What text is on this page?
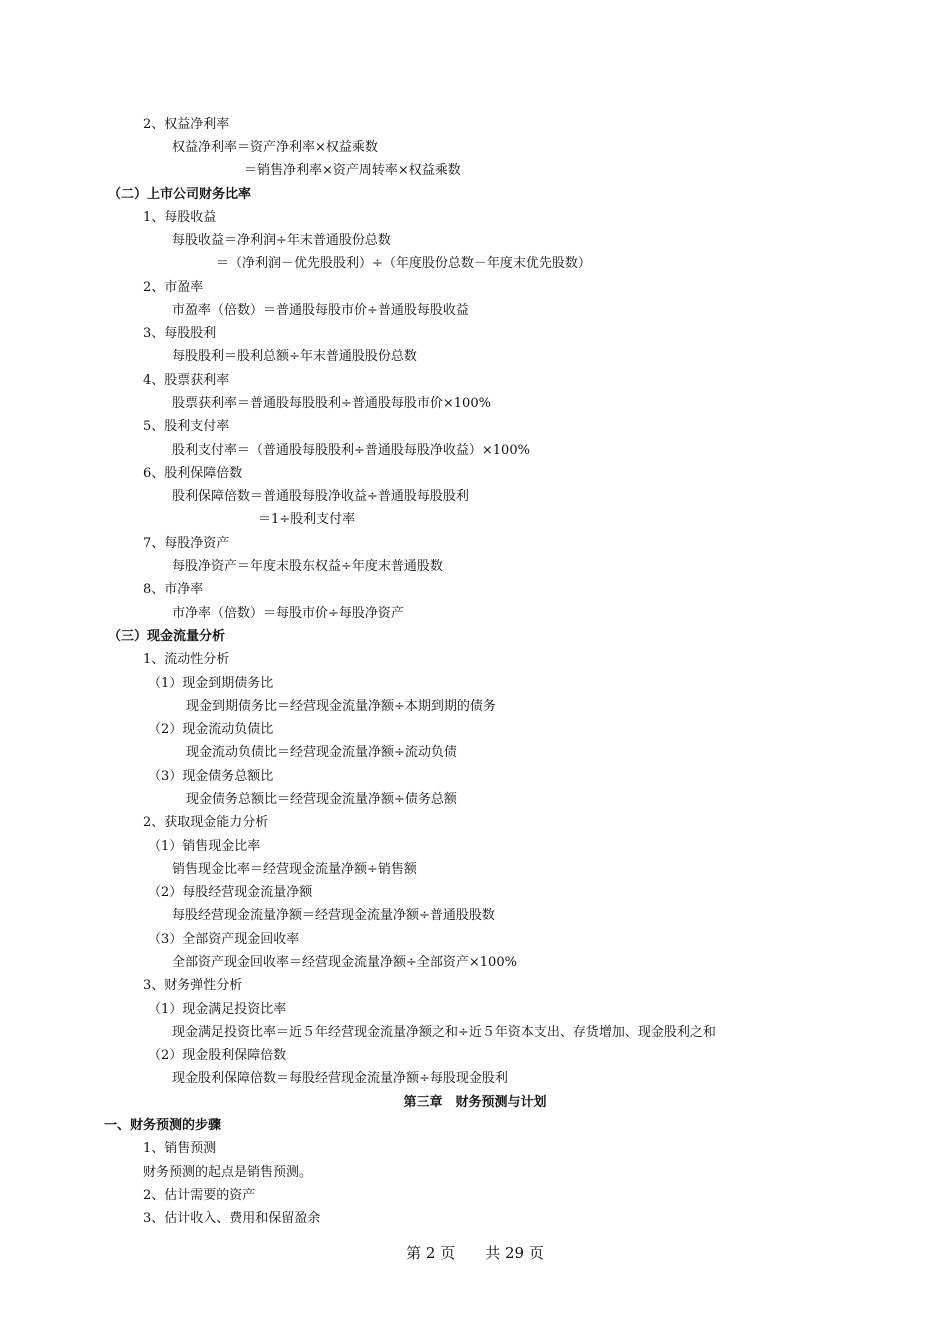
2、权益净利率
权益净利率＝资产净利率×权益乘数
＝销售净利率×资产周转率×权益乘数
（二）上市公司财务比率
1、每股收益
每股收益＝净利润÷年末普通股份总数
＝（净利润－优先股股利）÷（年度股份总数－年度末优先股数）
2、市盈率
市盈率（倍数）＝普通股每股市价÷普通股每股收益
3、每股股利
每股股利＝股利总额÷年末普通股股份总数
4、股票获利率
股票获利率＝普通股每股股利÷普通股每股市价×100%
5、股利支付率
股利支付率＝（普通股每股股利÷普通股每股净收益）×100%
6、股利保障倍数
股利保障倍数＝普通股每股净收益÷普通股每股股利
＝1÷股利支付率
7、每股净资产
每股净资产＝年度末股东权益÷年度末普通股数
8、市净率
市净率（倍数）＝每股市价÷每股净资产
（三）现金流量分析
1、流动性分析
（1）现金到期债务比
现金到期债务比＝经营现金流量净额÷本期到期的债务
（2）现金流动负债比
现金流动负债比＝经营现金流量净额÷流动负债
（3）现金债务总额比
现金债务总额比＝经营现金流量净额÷债务总额
2、获取现金能力分析
（1）销售现金比率
销售现金比率＝经营现金流量净额÷销售额
（2）每股经营现金流量净额
每股经营现金流量净额＝经营现金流量净额÷普通股股数
（3）全部资产现金回收率
全部资产现金回收率＝经营现金流量净额÷全部资产×100%
3、财务弹性分析
（1）现金满足投资比率
现金满足投资比率＝近５年经营现金流量净额之和÷近５年资本支出、存货增加、现金股利之和
（2）现金股利保障倍数
现金股利保障倍数＝每股经营现金流量净额÷每股现金股利
第三章　财务预测与计划
一、财务预测的步骤
1、销售预测
财务预测的起点是销售预测。
2、估计需要的资产
3、估计收入、费用和保留盈余
第 2 页　　共 29 页
